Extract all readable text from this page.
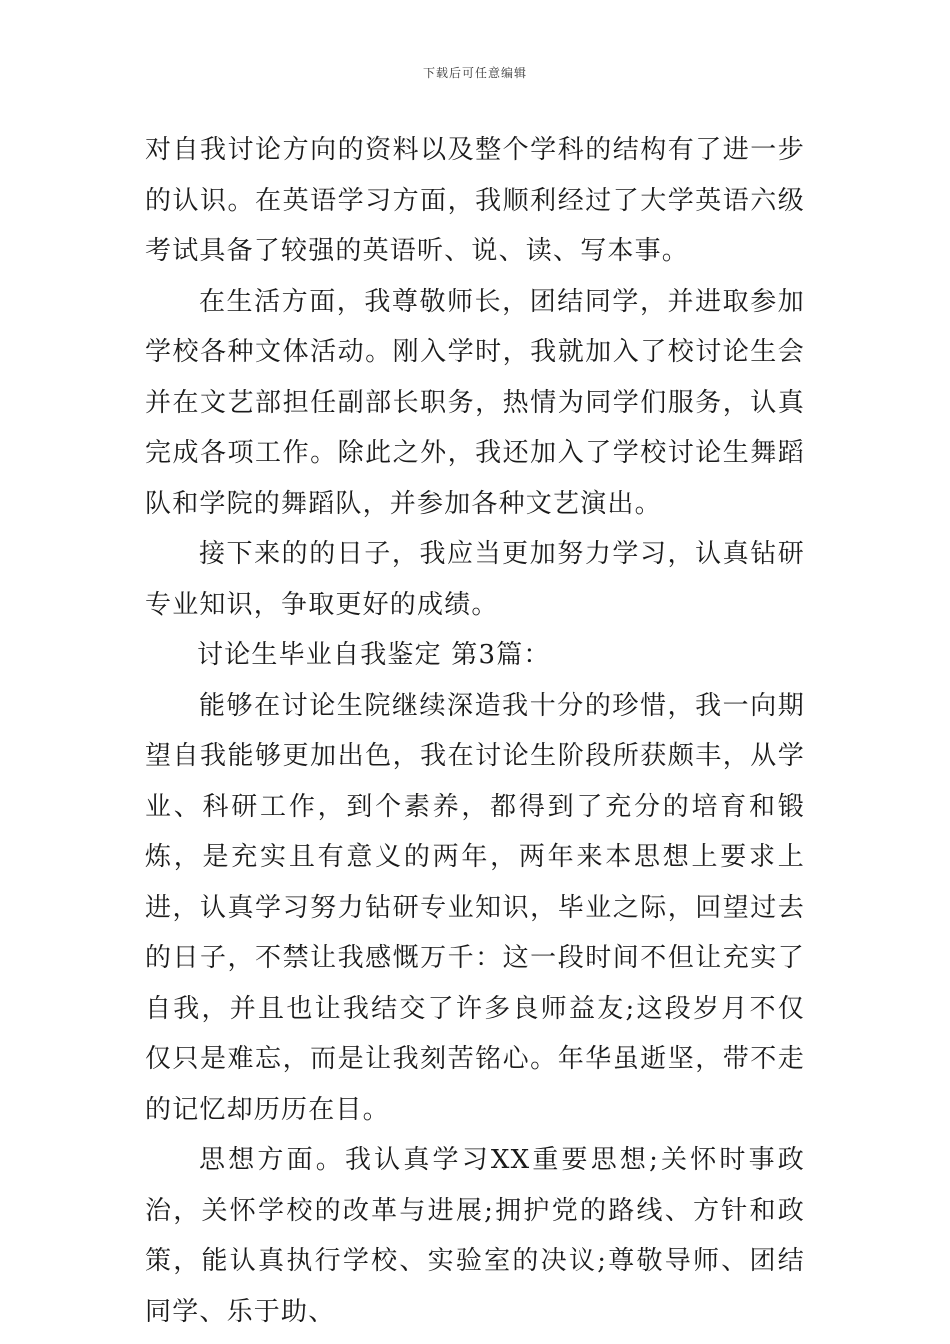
下载后可任意编辑

对自我讨论方向的资料以及整个学科的结构有了进一步的认识。在英语学习方面，我顺利经过了大学英语六级考试具备了较强的英语听、说、读、写本事。

在生活方面，我尊敬师长，团结同学，并进取参加学校各种文体活动。刚入学时，我就加入了校讨论生会并在文艺部担任副部长职务，热情为同学们服务，认真完成各项工作。除此之外，我还加入了学校讨论生舞蹈队和学院的舞蹈队，并参加各种文艺演出。

接下来的的日子，我应当更加努力学习，认真钻研专业知识，争取更好的成绩。

讨论生毕业自我鉴定 第3篇：

能够在讨论生院继续深造我十分的珍惜，我一向期望自我能够更加出色，我在讨论生阶段所获颇丰，从学业、科研工作，到个素养，都得到了充分的培育和锻炼，是充实且有意义的两年，两年来本思想上要求上进，认真学习努力钻研专业知识，毕业之际，回望过去的日子，不禁让我感慨万千：这一段时间不但让充实了自我，并且也让我结交了许多良师益友;这段岁月不仅仅只是难忘，而是让我刻苦铭心。年华虽逝坚，带不走的记忆却历历在目。

思想方面。我认真学习XX重要思想;关怀时事政治，关怀学校的改革与进展;拥护党的路线、方针和政策，能认真执行学校、实验室的决议;尊敬导师、团结同学、乐于助、
